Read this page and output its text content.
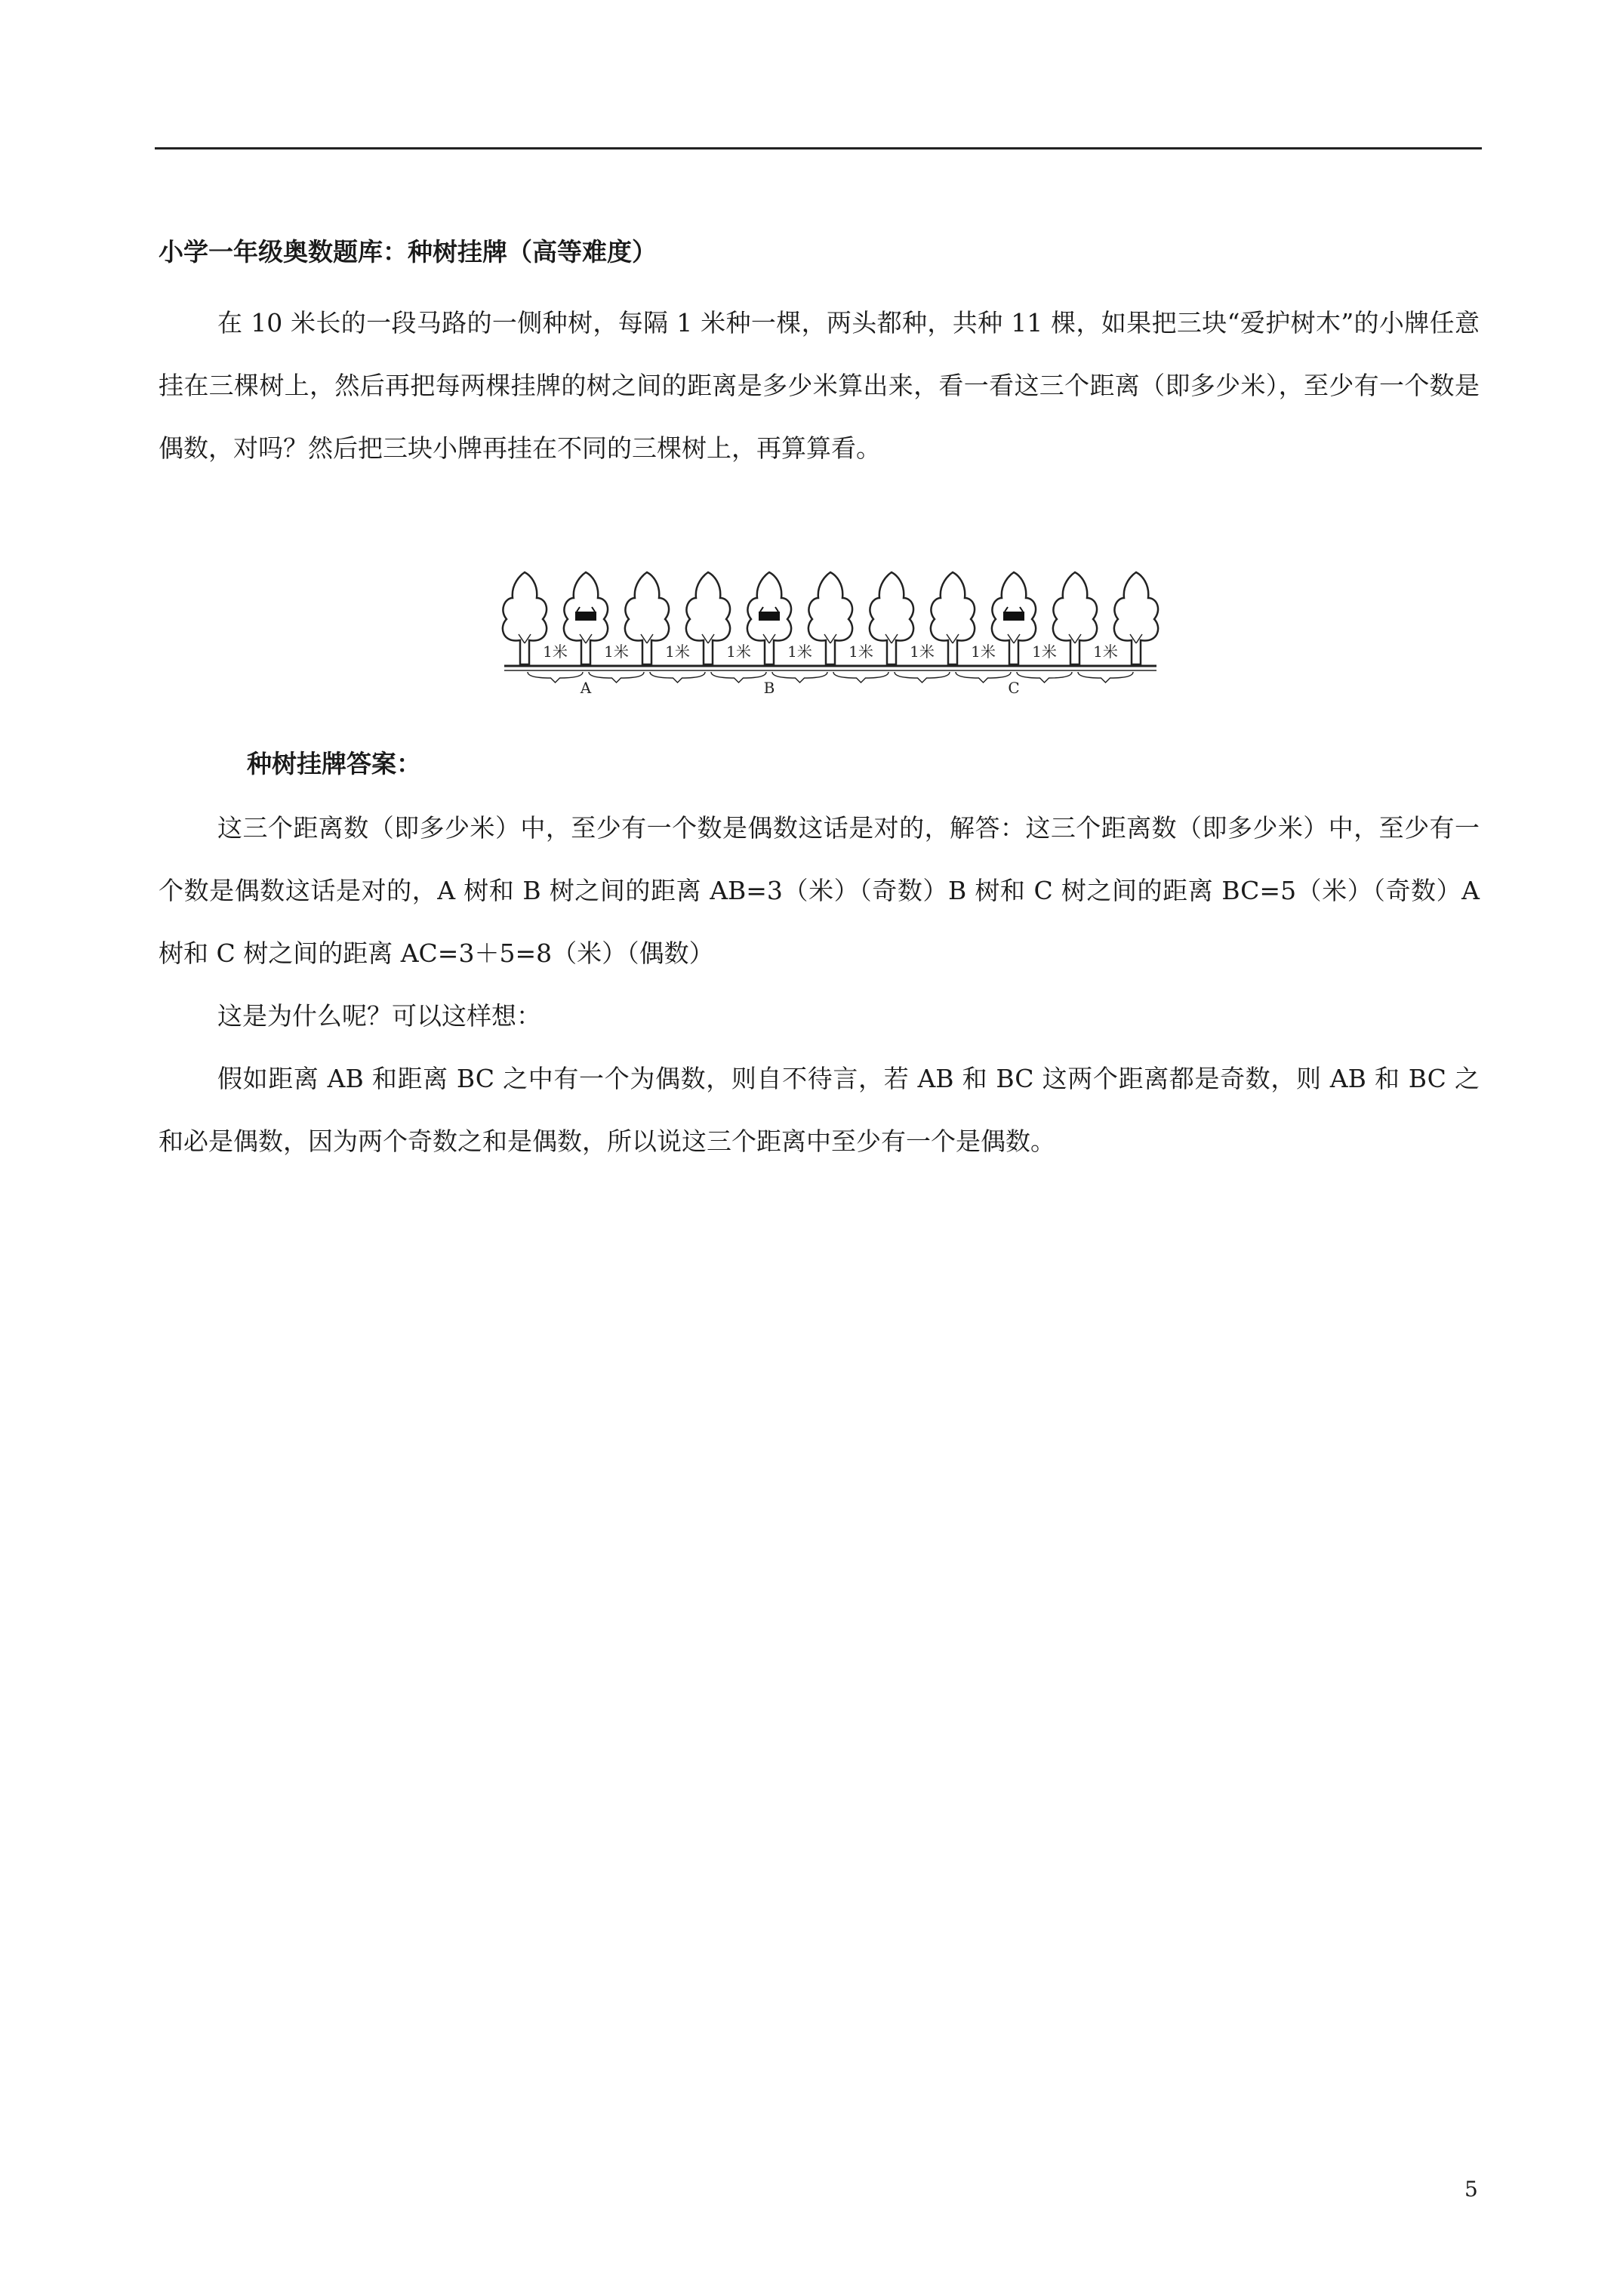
小学一年级奥数题库：种树挂牌（高等难度）

在 10 米长的一段马路的一侧种树，每隔 1 米种一棵，两头都种，共种 11 棵，如果把三块“爱护树木”的小牌任意挂在三棵树上，然后再把每两棵挂牌的树之间的距离是多少米算出来，看一看这三个距离（即多少米），至少有一个数是偶数，对吗？然后把三块小牌再挂在不同的三棵树上，再算算看。

1米 1米 1米 1米 1米 1米 1米 1米 1米 1米
A	B	C

种树挂牌答案：

这三个距离数（即多少米）中，至少有一个数是偶数这话是对的，解答：这三个距离数（即多少米）中，至少有一个数是偶数这话是对的，A 树和 B 树之间的距离 AB=3（米）（奇数）B 树和 C 树之间的距离 BC=5（米）（奇数）A 树和 C 树之间的距离 AC=3＋5=8（米）（偶数）

这是为什么呢？可以这样想：

假如距离 AB 和距离 BC 之中有一个为偶数，则自不待言，若 AB 和 BC 这两个距离都是奇数，则 AB 和 BC 之和必是偶数，因为两个奇数之和是偶数，所以说这三个距离中至少有一个是偶数。

5
